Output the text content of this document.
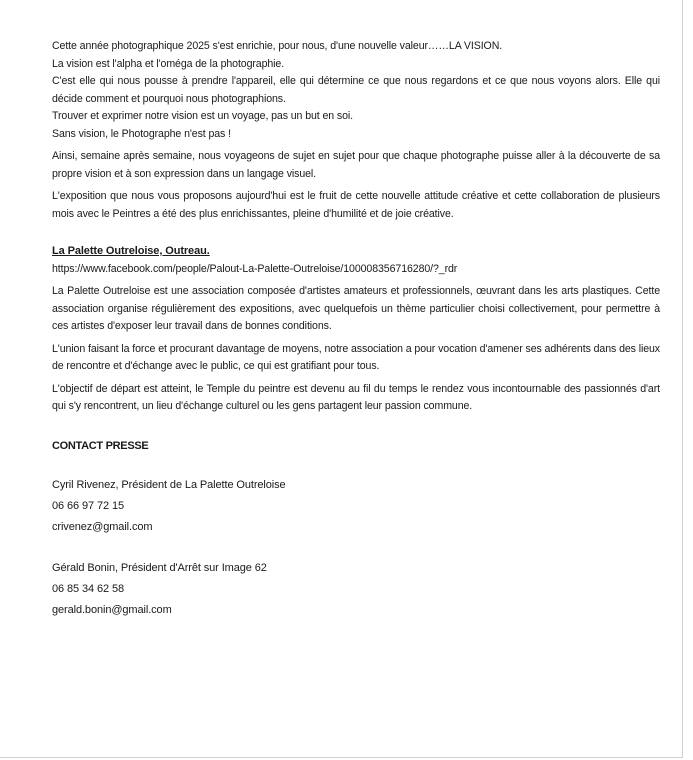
Cette année photographique 2025 s'est enrichie, pour nous, d'une nouvelle valeur……LA VISION.

La vision est l'alpha et l'oméga de la photographie.

C'est elle qui nous pousse à prendre l'appareil, elle qui détermine ce que nous regardons et ce que nous voyons alors. Elle qui décide comment et pourquoi nous photographions.

Trouver et exprimer notre vision est un voyage, pas un but en soi.

Sans vision, le Photographe n'est pas !

Ainsi, semaine après semaine, nous voyageons de sujet en sujet pour que chaque photographe puisse aller à la découverte de sa propre vision et à son expression dans un langage visuel.

L'exposition que nous vous proposons aujourd'hui est le fruit de cette nouvelle attitude créative et cette collaboration de plusieurs mois avec le Peintres a été des plus enrichissantes, pleine d'humilité et de joie créative.

La Palette Outreloise, Outreau.

https://www.facebook.com/people/Palout-La-Palette-Outreloise/100008356716280/?_rdr

La Palette Outreloise est une association composée d'artistes amateurs et professionnels, œuvrant dans les arts plastiques. Cette association organise régulièrement des expositions, avec quelquefois un thème particulier choisi collectivement, pour permettre à ces artistes d'exposer leur travail dans de bonnes conditions.

L'union faisant la force et procurant davantage de moyens, notre association a pour vocation d'amener ses adhérents dans des lieux de rencontre et d'échange avec le public, ce qui est gratifiant pour tous.

L'objectif de départ est atteint, le Temple du peintre est devenu au fil du temps le rendez vous incontournable des passionnés d'art qui s'y rencontrent, un lieu d'échange culturel ou les gens partagent leur passion commune.

CONTACT PRESSE

Cyril Rivenez, Président de La Palette Outreloise

06 66 97 72 15

crivenez@gmail.com

Gérald Bonin, Président d'Arrêt sur Image 62

06 85 34 62 58

gerald.bonin@gmail.com
